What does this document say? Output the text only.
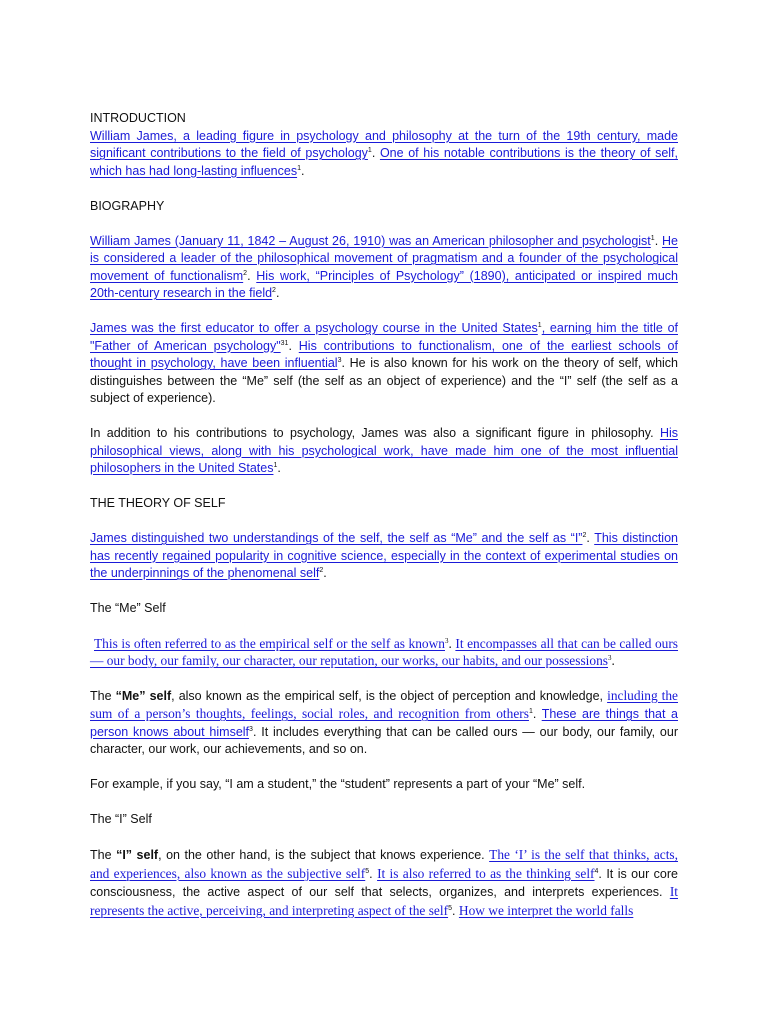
INTRODUCTION

William James, a leading figure in psychology and philosophy at the turn of the 19th century, made significant contributions to the field of psychology$^1$. One of his notable contributions is the theory of self, which has had long-lasting influences$^1$.

BIOGRAPHY

William James (January 11, 1842 – August 26, 1910) was an American philosopher and psychologist$^1$. He is considered a leader of the philosophical movement of pragmatism and a founder of the psychological movement of functionalism$^2$. His work, “Principles of Psychology” (1890), anticipated or inspired much 20th-century research in the field$^2$.

James was the first educator to offer a psychology course in the United States$^1$, earning him the title of "Father of American psychology"$^{31}$. His contributions to functionalism, one of the earliest schools of thought in psychology, have been influential$^3$. He is also known for his work on the theory of self, which distinguishes between the “Me” self (the self as an object of experience) and the “I” self (the self as a subject of experience).

In addition to his contributions to psychology, James was also a significant figure in philosophy. His philosophical views, along with his psychological work, have made him one of the most influential philosophers in the United States$^1$.

THE THEORY OF SELF

James distinguished two understandings of the self, the self as “Me” and the self as “I”$^2$. This distinction has recently regained popularity in cognitive science, especially in the context of experimental studies on the underpinnings of the phenomenal self$^2$.

The “Me” Self

This is often referred to as the empirical self or the self as known$^3$. It encompasses all that can be called ours — our body, our family, our character, our reputation, our works, our habits, and our possessions$^3$.

The “Me” self, also known as the empirical self, is the object of perception and knowledge, including the sum of a person’s thoughts, feelings, social roles, and recognition from others$^1$. These are things that a person knows about himself$^3$. It includes everything that can be called ours — our body, our family, our character, our work, our achievements, and so on.

For example, if you say, “I am a student,” the “student” represents a part of your “Me” self.

The “I” Self

The “I” self, on the other hand, is the subject that knows experience. The ‘I’ is the self that thinks, acts, and experiences, also known as the subjective self$^5$. It is also referred to as the thinking self$^4$. It is our core consciousness, the active aspect of our self that selects, organizes, and interprets experiences. It represents the active, perceiving, and interpreting aspect of the self$^5$. How we interpret the world falls
